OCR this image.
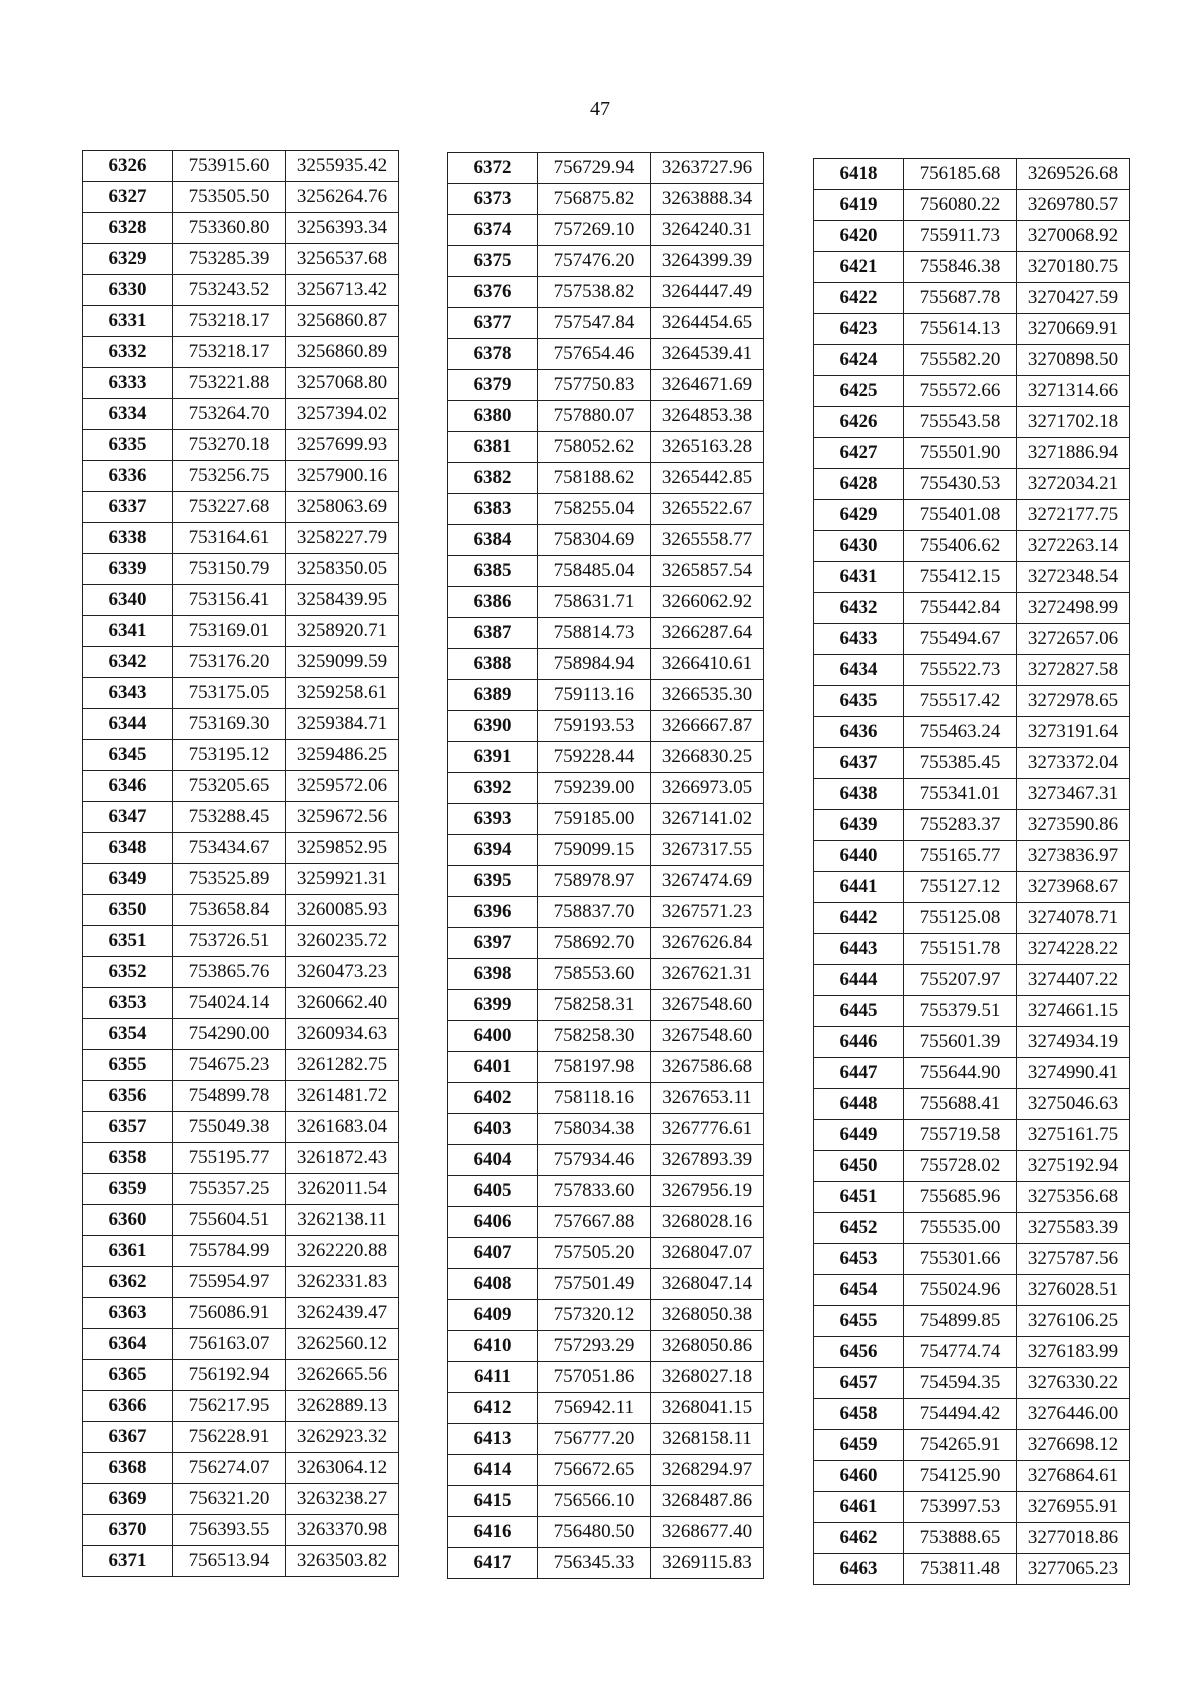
47
6326	753915.60	3255935.42
6327	753505.50	3256264.76
6328	753360.80	3256393.34
6329	753285.39	3256537.68
6330	753243.52	3256713.42
6331	753218.17	3256860.87
6332	753218.17	3256860.89
6333	753221.88	3257068.80
6334	753264.70	3257394.02
6335	753270.18	3257699.93
6336	753256.75	3257900.16
6337	753227.68	3258063.69
6338	753164.61	3258227.79
6339	753150.79	3258350.05
6340	753156.41	3258439.95
6341	753169.01	3258920.71
6342	753176.20	3259099.59
6343	753175.05	3259258.61
6344	753169.30	3259384.71
6345	753195.12	3259486.25
6346	753205.65	3259572.06
6347	753288.45	3259672.56
6348	753434.67	3259852.95
6349	753525.89	3259921.31
6350	753658.84	3260085.93
6351	753726.51	3260235.72
6352	753865.76	3260473.23
6353	754024.14	3260662.40
6354	754290.00	3260934.63
6355	754675.23	3261282.75
6356	754899.78	3261481.72
6357	755049.38	3261683.04
6358	755195.77	3261872.43
6359	755357.25	3262011.54
6360	755604.51	3262138.11
6361	755784.99	3262220.88
6362	755954.97	3262331.83
6363	756086.91	3262439.47
6364	756163.07	3262560.12
6365	756192.94	3262665.56
6366	756217.95	3262889.13
6367	756228.91	3262923.32
6368	756274.07	3263064.12
6369	756321.20	3263238.27
6370	756393.55	3263370.98
6371	756513.94	3263503.82
6372	756729.94	3263727.96
6373	756875.82	3263888.34
6374	757269.10	3264240.31
6375	757476.20	3264399.39
6376	757538.82	3264447.49
6377	757547.84	3264454.65
6378	757654.46	3264539.41
6379	757750.83	3264671.69
6380	757880.07	3264853.38
6381	758052.62	3265163.28
6382	758188.62	3265442.85
6383	758255.04	3265522.67
6384	758304.69	3265558.77
6385	758485.04	3265857.54
6386	758631.71	3266062.92
6387	758814.73	3266287.64
6388	758984.94	3266410.61
6389	759113.16	3266535.30
6390	759193.53	3266667.87
6391	759228.44	3266830.25
6392	759239.00	3266973.05
6393	759185.00	3267141.02
6394	759099.15	3267317.55
6395	758978.97	3267474.69
6396	758837.70	3267571.23
6397	758692.70	3267626.84
6398	758553.60	3267621.31
6399	758258.31	3267548.60
6400	758258.30	3267548.60
6401	758197.98	3267586.68
6402	758118.16	3267653.11
6403	758034.38	3267776.61
6404	757934.46	3267893.39
6405	757833.60	3267956.19
6406	757667.88	3268028.16
6407	757505.20	3268047.07
6408	757501.49	3268047.14
6409	757320.12	3268050.38
6410	757293.29	3268050.86
6411	757051.86	3268027.18
6412	756942.11	3268041.15
6413	756777.20	3268158.11
6414	756672.65	3268294.97
6415	756566.10	3268487.86
6416	756480.50	3268677.40
6417	756345.33	3269115.83
6418	756185.68	3269526.68
6419	756080.22	3269780.57
6420	755911.73	3270068.92
6421	755846.38	3270180.75
6422	755687.78	3270427.59
6423	755614.13	3270669.91
6424	755582.20	3270898.50
6425	755572.66	3271314.66
6426	755543.58	3271702.18
6427	755501.90	3271886.94
6428	755430.53	3272034.21
6429	755401.08	3272177.75
6430	755406.62	3272263.14
6431	755412.15	3272348.54
6432	755442.84	3272498.99
6433	755494.67	3272657.06
6434	755522.73	3272827.58
6435	755517.42	3272978.65
6436	755463.24	3273191.64
6437	755385.45	3273372.04
6438	755341.01	3273467.31
6439	755283.37	3273590.86
6440	755165.77	3273836.97
6441	755127.12	3273968.67
6442	755125.08	3274078.71
6443	755151.78	3274228.22
6444	755207.97	3274407.22
6445	755379.51	3274661.15
6446	755601.39	3274934.19
6447	755644.90	3274990.41
6448	755688.41	3275046.63
6449	755719.58	3275161.75
6450	755728.02	3275192.94
6451	755685.96	3275356.68
6452	755535.00	3275583.39
6453	755301.66	3275787.56
6454	755024.96	3276028.51
6455	754899.85	3276106.25
6456	754774.74	3276183.99
6457	754594.35	3276330.22
6458	754494.42	3276446.00
6459	754265.91	3276698.12
6460	754125.90	3276864.61
6461	753997.53	3276955.91
6462	753888.65	3277018.86
6463	753811.48	3277065.23
